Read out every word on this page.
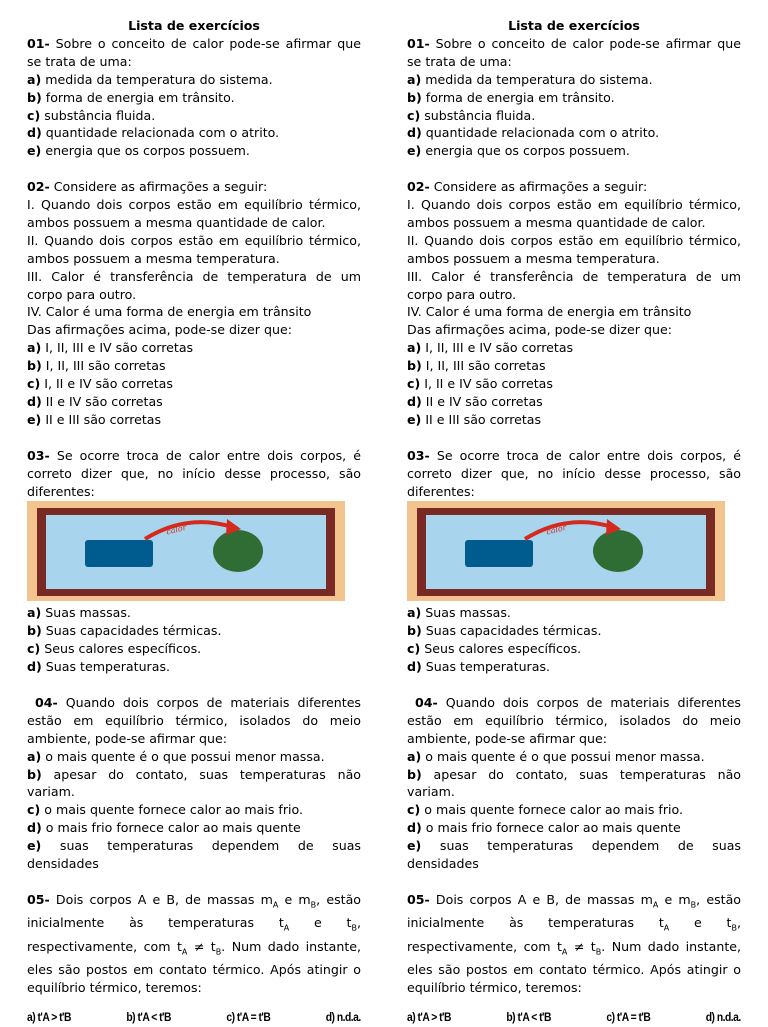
Lista de exercícios
01- Sobre o conceito de calor pode-se afirmar que se trata de uma:
a) medida da temperatura do sistema.
b) forma de energia em trânsito.
c) substância fluida.
d) quantidade relacionada com o atrito.
e) energia que os corpos possuem.
02- Considere as afirmações a seguir:
I. Quando dois corpos estão em equilíbrio térmico, ambos possuem a mesma quantidade de calor.
II. Quando dois corpos estão em equilíbrio térmico, ambos possuem a mesma temperatura.
III. Calor é transferência de temperatura de um corpo para outro.
IV. Calor é uma forma de energia em trânsito
Das afirmações acima, pode-se dizer que:
a) I, II, III e IV são corretas
b) I, II, III são corretas
c) I, II e IV são corretas
d) II e IV são corretas
e) II e III são corretas
03- Se ocorre troca de calor entre dois corpos, é correto dizer que, no início desse processo, são diferentes:
calor
a) Suas massas.
b) Suas capacidades térmicas.
c) Seus calores específicos.
d) Suas temperaturas.
04- Quando dois corpos de materiais diferentes estão em equilíbrio térmico, isolados do meio ambiente, pode-se afirmar que:
a) o mais quente é o que possui menor massa.
b) apesar do contato, suas temperaturas não variam.
c) o mais quente fornece calor ao mais frio.
d) o mais frio fornece calor ao mais quente
e) suas temperaturas dependem de suas densidades
05- Dois corpos A e B, de massas $m_A$ e $m_B$, estão inicialmente às temperaturas $t_A$ e $t_B$, respectivamente, com $t_A \ne t_B$. Num dado instante, eles são postos em contato térmico. Após atingir o equilíbrio térmico, teremos:
a) t'A > t'B	b) t'A < t'B	c) t'A = t'B	d) n.d.a.
Lista de exercícios
01- Sobre o conceito de calor pode-se afirmar que se trata de uma:
a) medida da temperatura do sistema.
b) forma de energia em trânsito.
c) substância fluida.
d) quantidade relacionada com o atrito.
e) energia que os corpos possuem.
02- Considere as afirmações a seguir:
I. Quando dois corpos estão em equilíbrio térmico, ambos possuem a mesma quantidade de calor.
II. Quando dois corpos estão em equilíbrio térmico, ambos possuem a mesma temperatura.
III. Calor é transferência de temperatura de um corpo para outro.
IV. Calor é uma forma de energia em trânsito
Das afirmações acima, pode-se dizer que:
a) I, II, III e IV são corretas
b) I, II, III são corretas
c) I, II e IV são corretas
d) II e IV são corretas
e) II e III são corretas
03- Se ocorre troca de calor entre dois corpos, é correto dizer que, no início desse processo, são diferentes:
calor
a) Suas massas.
b) Suas capacidades térmicas.
c) Seus calores específicos.
d) Suas temperaturas.
04- Quando dois corpos de materiais diferentes estão em equilíbrio térmico, isolados do meio ambiente, pode-se afirmar que:
a) o mais quente é o que possui menor massa.
b) apesar do contato, suas temperaturas não variam.
c) o mais quente fornece calor ao mais frio.
d) o mais frio fornece calor ao mais quente
e) suas temperaturas dependem de suas densidades
05- Dois corpos A e B, de massas $m_A$ e $m_B$, estão inicialmente às temperaturas $t_A$ e $t_B$, respectivamente, com $t_A \ne t_B$. Num dado instante, eles são postos em contato térmico. Após atingir o equilíbrio térmico, teremos:
a) t'A > t'B	b) t'A < t'B	c) t'A = t'B	d) n.d.a.
